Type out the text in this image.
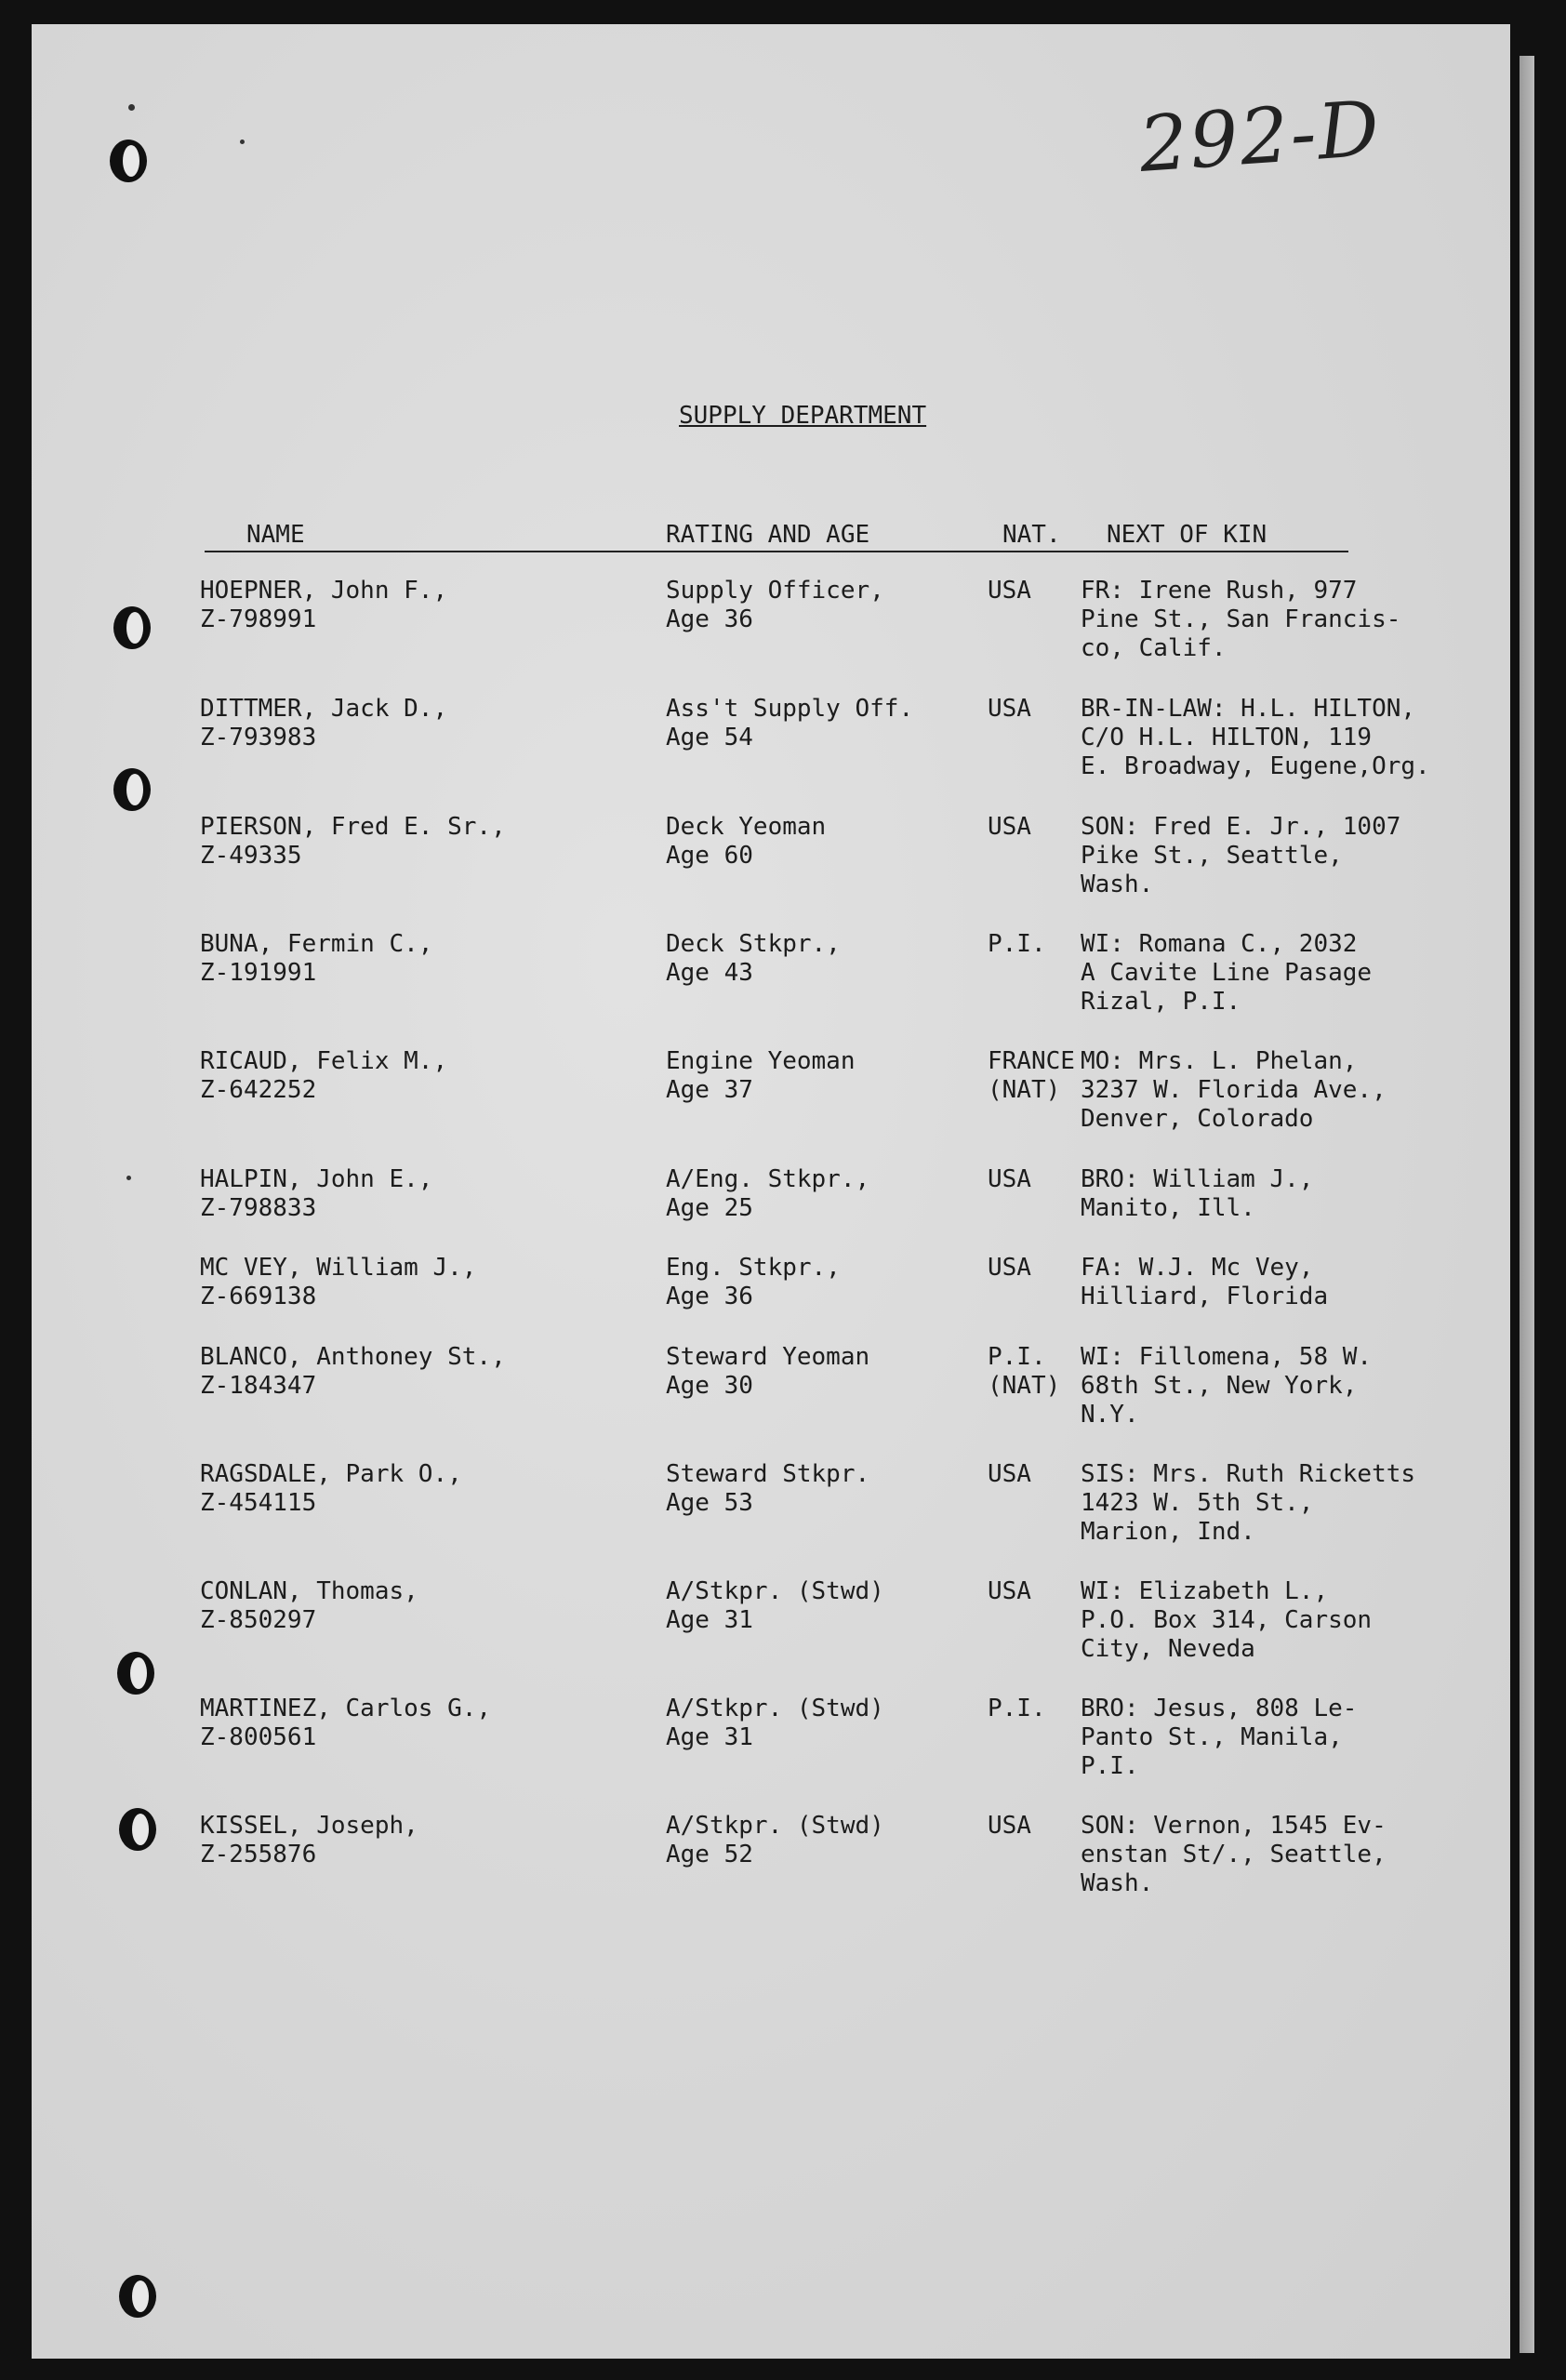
292-D
SUPPLY DEPARTMENT
NAME	RATING AND AGE	NAT. NEXT OF KIN
HOEPNER, John F.,
Z-798991
Supply Officer,
Age 36
USA FR: Irene Rush, 977
Pine St., San Francis-
co, Calif.
DITTMER, Jack D.,
Z-793983
Ass't Supply Off.
Age 54
USA BR-IN-LAW: H.L. HILTON,
C/O H.L. HILTON, 119
E. Broadway, Eugene,Org.
PIERSON, Fred E. Sr.,
Z-49335
Deck Yeoman
Age 60
USA SON: Fred E. Jr., 1007
Pike St., Seattle,
Wash.
BUNA, Fermin C.,
Z-191991
Deck Stkpr.,
Age 43
P.I. WI: Romana C., 2032
A Cavite Line Pasage
Rizal, P.I.
RICAUD, Felix M.,
Z-642252
Engine Yeoman
Age 37
FRANCE
(NAT)
MO: Mrs. L. Phelan,
3237 W. Florida Ave.,
Denver, Colorado
HALPIN, John E.,
Z-798833
A/Eng. Stkpr.,
Age 25
USA BRO: William J.,
Manito, Ill.
MC VEY, William J.,
Z-669138
Eng. Stkpr.,
Age 36
USA FA: W.J. Mc Vey,
Hilliard, Florida
BLANCO, Anthoney St.,
Z-184347
Steward Yeoman
Age 30
P.I.
(NAT)
WI: Fillomena, 58 W.
68th St., New York,
N.Y.
RAGSDALE, Park O.,
Z-454115
Steward Stkpr.
Age 53
USA SIS: Mrs. Ruth Ricketts
1423 W. 5th St.,
Marion, Ind.
CONLAN, Thomas,
Z-850297
A/Stkpr. (Stwd)
Age 31
USA WI: Elizabeth L.,
P.O. Box 314, Carson
City, Neveda
MARTINEZ, Carlos G.,
Z-800561
A/Stkpr. (Stwd)
Age 31
P.I. BRO: Jesus, 808 Le-
Panto St., Manila,
P.I.
KISSEL, Joseph,
Z-255876
A/Stkpr. (Stwd)
Age 52
USA SON: Vernon, 1545 Ev-
enstan St/., Seattle,
Wash.
